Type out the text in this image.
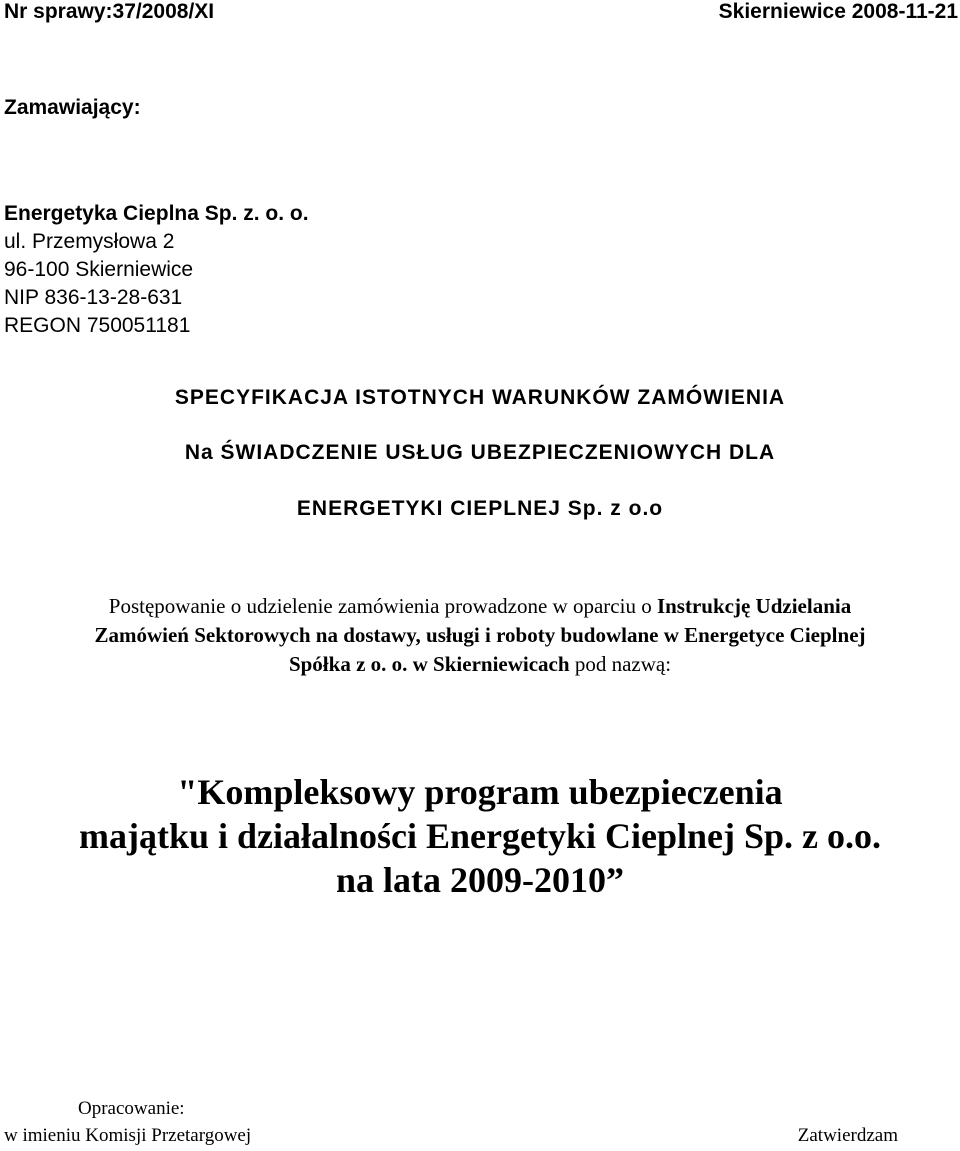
Nr sprawy:37/2008/XI	Skierniewice 2008-11-21
Zamawiający:
Energetyka Cieplna Sp. z. o. o.
ul. Przemysłowa 2
96-100 Skierniewice
NIP 836-13-28-631
REGON 750051181
SPECYFIKACJA ISTOTNYCH WARUNKÓW ZAMÓWIENIA
Na ŚWIADCZENIE USŁUG UBEZPIECZENIOWYCH DLA
ENERGETYKI CIEPLNEJ Sp. z o.o
Postępowanie o udzielenie zamówienia prowadzone w oparciu o Instrukcję Udzielania
Zamówień Sektorowych na dostawy, usługi i roboty budowlane w Energetyce Cieplnej
Spółka z o. o. w Skierniewicach pod nazwą:
"Kompleksowy program ubezpieczenia
majątku i działalności Energetyki Cieplnej Sp. z o.o.
na lata 2009-2010”
Opracowanie:
w imieniu Komisji Przetargowej	Zatwierdzam
